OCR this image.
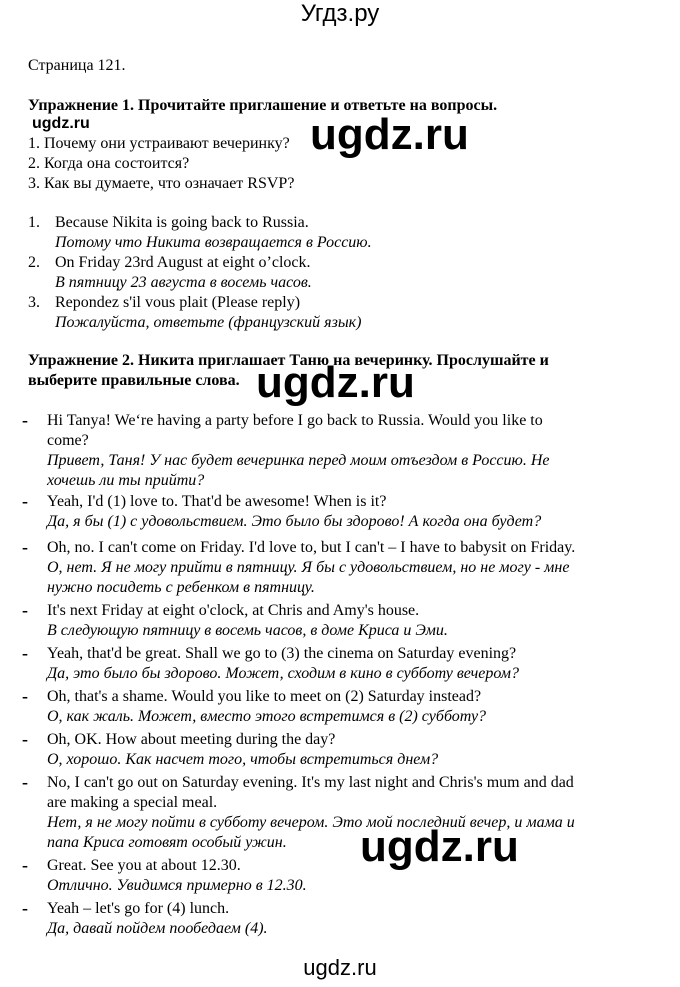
Угдз.ру
Страница 121.
Упражнение 1. Прочитайте приглашение и ответьте на вопросы.
ugdz.ru	ugdz.ru
1. Почему они устраивают вечеринку?
2. Когда она состоится?
3. Как вы думаете, что означает RSVP?
1. Because Nikita is going back to Russia.
Потому что Никита возвращается в Россию.
2. On Friday 23rd August at eight o’clock.
В пятницу 23 августа в восемь часов.
3. Repondez s'il vous plait (Please reply)
Пожалуйста, ответьте (французский язык)
Упражнение 2. Никита приглашает Таню на вечеринку. Прослушайте и
выберите правильные слова. ugdz.ru
- Hi Tanya! We‘re having a party before I go back to Russia. Would you like to
come?
Привет, Таня! У нас будет вечеринка перед моим отъездом в Россию. Не
хочешь ли ты прийти?
- Yeah, I'd (1) love to. That'd be awesome! When is it?
Да, я бы (1) с удовольствием. Это было бы здорово! А когда она будет?
- Oh, no. I can't come on Friday. I'd love to, but I can't – I have to babysit on Friday.
О, нет. Я не могу прийти в пятницу. Я бы с удовольствием, но не могу - мне
нужно посидеть с ребенком в пятницу.
- It's next Friday at eight o'clock, at Chris and Amy's house.
В следующую пятницу в восемь часов, в доме Криса и Эми.
- Yeah, that'd be great. Shall we go to (3) the cinema on Saturday evening?
Да, это было бы здорово. Может, сходим в кино в субботу вечером?
- Oh, that's a shame. Would you like to meet on (2) Saturday instead?
О, как жаль. Может, вместо этого встретимся в (2) субботу?
- Oh, OK. How about meeting during the day?
О, хорошо. Как насчет того, чтобы встретиться днем?
- No, I can't go out on Saturday evening. It's my last night and Chris's mum and dad
are making a special meal.
Нет, я не могу пойти в субботу вечером. Это мой последний вечер, и мама и
папа Криса готовят особый ужин. ugdz.ru
- Great. See you at about 12.30.
Отлично. Увидимся примерно в 12.30.
- Yeah – let's go for (4) lunch.
Да, давай пойдем пообедаем (4).
ugdz.ru
